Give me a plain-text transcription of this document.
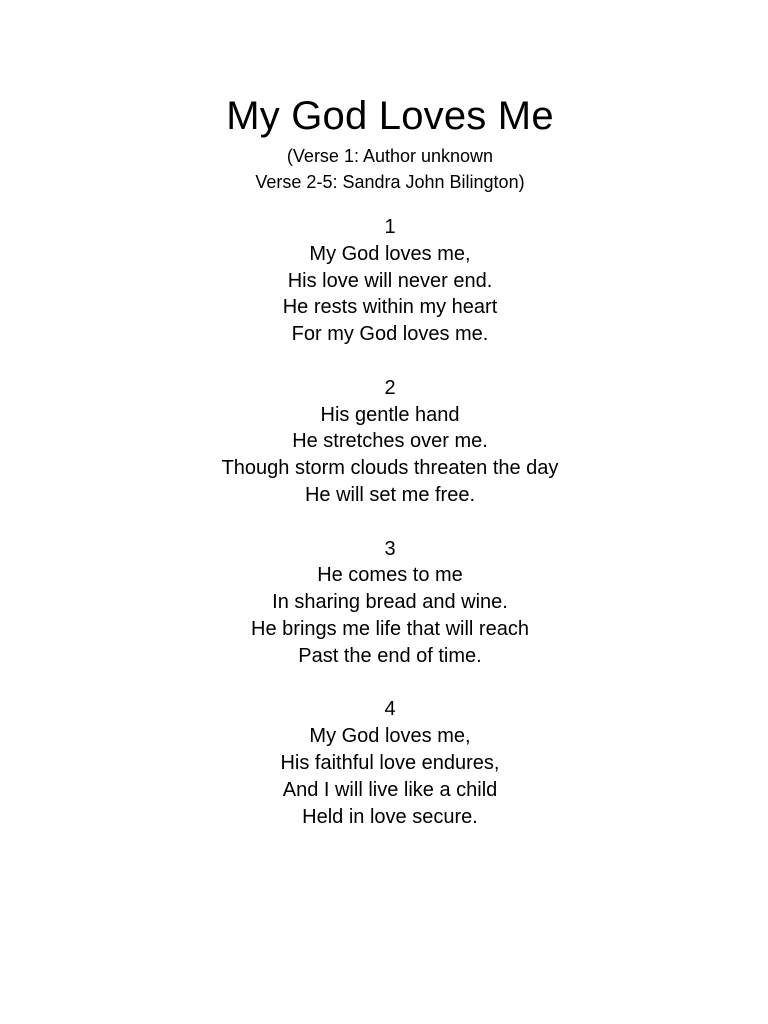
My God Loves Me
(Verse 1: Author unknown
Verse 2-5: Sandra John Bilington)
1
My God loves me,
His love will never end.
He rests within my heart
For my God loves me.
2
His gentle hand
He stretches over me.
Though storm clouds threaten the day
He will set me free.
3
He comes to me
In sharing bread and wine.
He brings me life that will reach
Past the end of time.
4
My God loves me,
His faithful love endures,
And I will live like a child
Held in love secure.
